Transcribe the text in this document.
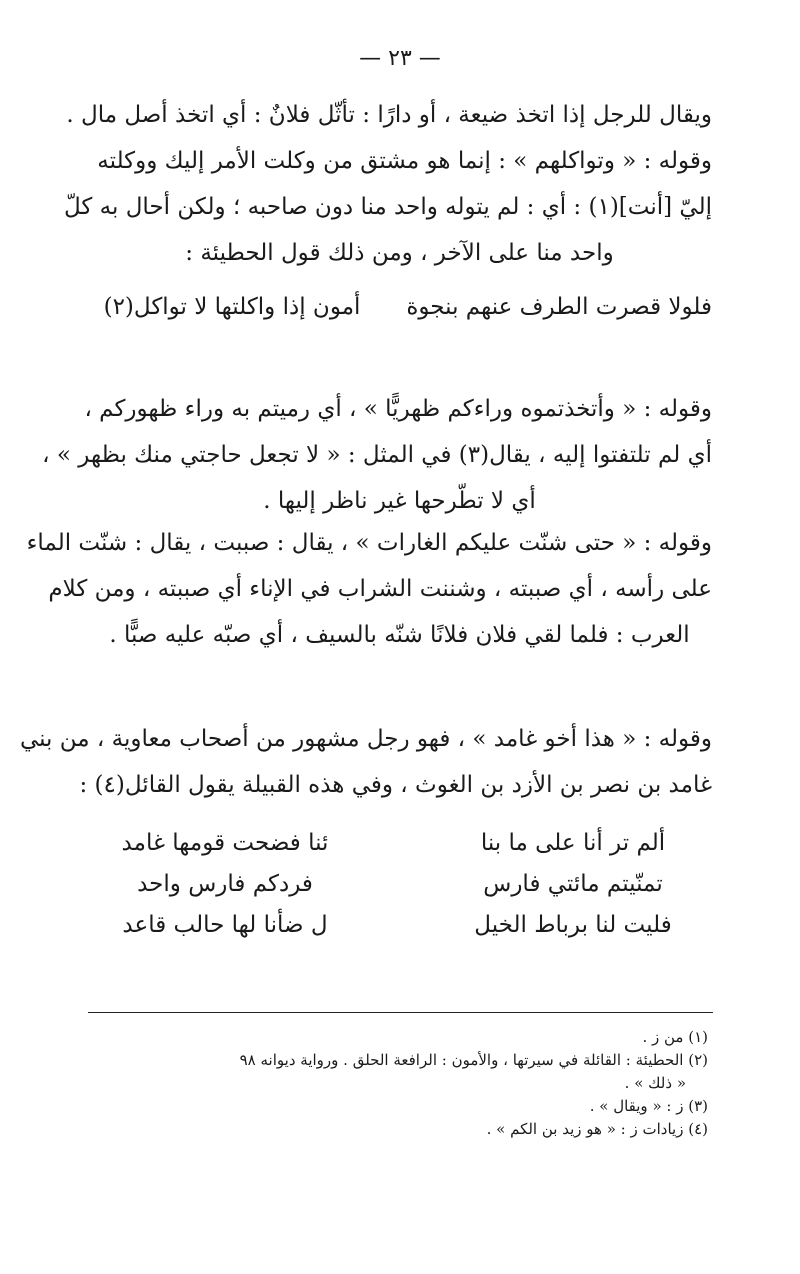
— ٢٣ —
ويقال للرجل إذا اتخذ ضيعة ، أو دارًا : تأثّل فلانٌ : أي اتخذ أصل مال .
وقوله : « وتواكلهم » : إنما هو مشتق من وكلت الأمر إليك ووكلته
إليّ [أنت](١) : أي : لم يتوله واحد منا دون صاحبه ؛ ولكن أحال به كلّ
واحد منا على الآخر ، ومن ذلك قول الحطيئة :
فلولا قصرت الطرف عنهم بنجوة
أمون إذا واكلتها لا تواكل(٢)
وقوله : « وأتخذتموه وراءكم ظهريًّا » ، أي رميتم به وراء ظهوركم ،
أي لم تلتفتوا إليه ، يقال(٣) في المثل : « لا تجعل حاجتي منك بظهر » ،
أي لا تطّرحها غير ناظر إليها .
وقوله : « حتى شنّت عليكم الغارات » ، يقال : صببت ، يقال : شنّت الماء
على رأسه ، أي صببته ، وشننت الشراب في الإناء أي صببته ، ومن كلام
العرب : فلما لقي فلان فلانًا شنّه بالسيف ، أي صبّه عليه صبًّا .
وقوله : « هذا أخو غامد » ، فهو رجل مشهور من أصحاب معاوية ، من بني
غامد بن نصر بن الأزد بن الغوث ، وفي هذه القبيلة يقول القائل(٤) :
ألم تر أنا على ما بنا
ئنا فضحت قومها غامد
تمنّيتم مائتي فارس
فردكم فارس واحد
فليت لنا برباط الخيل
ل ضأنا لها حالب قاعد
(١) من ز .
(٢) الحطيئة : القائلة في سيرتها ، والأمون : الرافعة الحلق . ورواية ديوانه ٩٨
« ذلك » .
(٣) ز : « ويقال » .
(٤) زيادات ز : « هو زيد بن الكم » .
